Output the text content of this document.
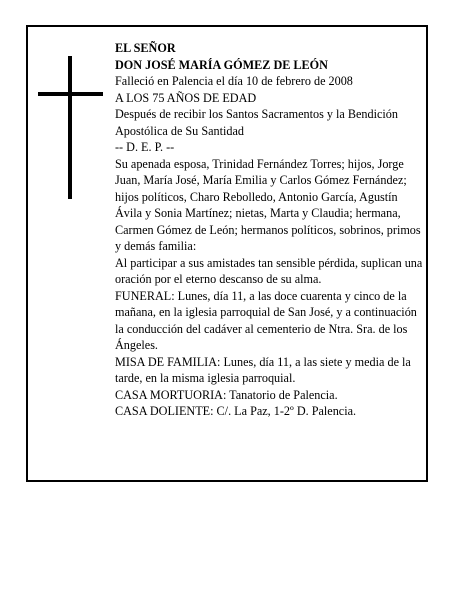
EL SEÑOR

DON JOSÉ MARÍA GÓMEZ DE LEÓN

Falleció en Palencia el día 10 de febrero de 2008

A LOS 75 AÑOS DE EDAD

Después de recibir los Santos Sacramentos y la Bendición Apostólica de Su Santidad

-- D. E. P. --

Su apenada esposa, Trinidad Fernández Torres; hijos, Jorge Juan, María José, María Emilia y Carlos Gómez Fernández; hijos políticos, Charo Rebolledo, Antonio García, Agustín Ávila y Sonia Martínez; nietas, Marta y Claudia; hermana, Carmen Gómez de León; hermanos políticos, sobrinos, primos y demás familia:

Al participar a sus amistades tan sensible pérdida, suplican una oración por el eterno descanso de su alma.

FUNERAL: Lunes, día 11, a las doce cuarenta y cinco de la mañana, en la iglesia parroquial de San José, y a continuación la conducción del cadáver al cementerio de Ntra. Sra. de los Ángeles.

MISA DE FAMILIA: Lunes, día 11, a las siete y media de la tarde, en la misma iglesia parroquial.

CASA MORTUORIA: Tanatorio de Palencia.

CASA DOLIENTE: C/. La Paz, 1-2º D. Palencia.
